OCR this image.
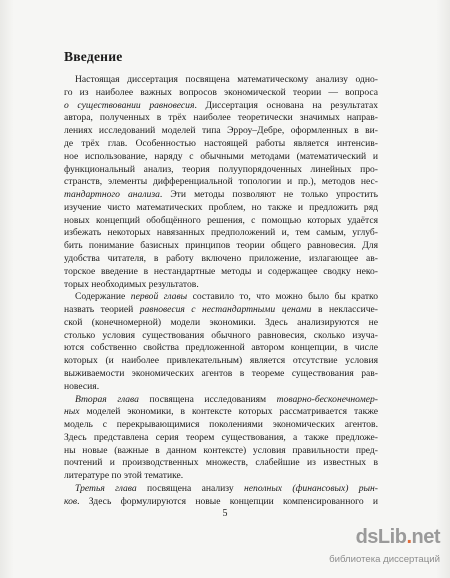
Введение
Настоящая диссертация посвящена математическому анализу одно-
го из наиболее важных вопросов экономической теории — вопроса
о существовании равновесия. Диссертация основана на результатах
автора, полученных в трёх наиболее теоретически значимых направ-
лениях исследований моделей типа Эрроу–Дебре, оформленных в ви-
де трёх глав. Особенностью настоящей работы является интенсив-
ное использование, наряду с обычными методами (математический и
функциональный анализ, теория полуупорядоченных линейных про-
странств, элементы дифференциальной топологии и пр.), методов нес-
тандартного анализа. Эти методы позволяют не только упростить
изучение чисто математических проблем, но также и предложить ряд
новых концепций обобщённого решения, с помощью которых удаётся
избежать некоторых навязанных предположений и, тем самым, углуб-
бить понимание базисных принципов теории общего равновесия. Для
удобства читателя, в работу включено приложение, излагающее ав-
торское введение в нестандартные методы и содержащее сводку неко-
торых необходимых результатов.
Содержание первой главы составило то, что можно было бы кратко
назвать теорией равновесия с нестандартными ценами в неклассиче-
ской (конечномерной) модели экономики. Здесь анализируются не
столько условия существования обычного равновесия, сколько изуча-
ются собственно свойства предложенной автором концепции, в числе
которых (и наиболее привлекательным) является отсутствие условия
выживаемости экономических агентов в теореме существования рав-
новесия.
Вторая глава посвящена исследованиям товарно-бесконечномер-
ных моделей экономики, в контексте которых рассматривается также
модель с перекрывающимися поколениями экономических агентов.
Здесь представлена серия теорем существования, а также предложе-
ны новые (важные в данном контексте) условия правильности пред-
почтений и производственных множеств, слабейшие из известных в
литературе по этой тематике.
Третья глава посвящена анализу неполных (финансовых) рын-
ков. Здесь формулируются новые концепции компенсированного и
5
dsLib.net
библиотека диссертаций
